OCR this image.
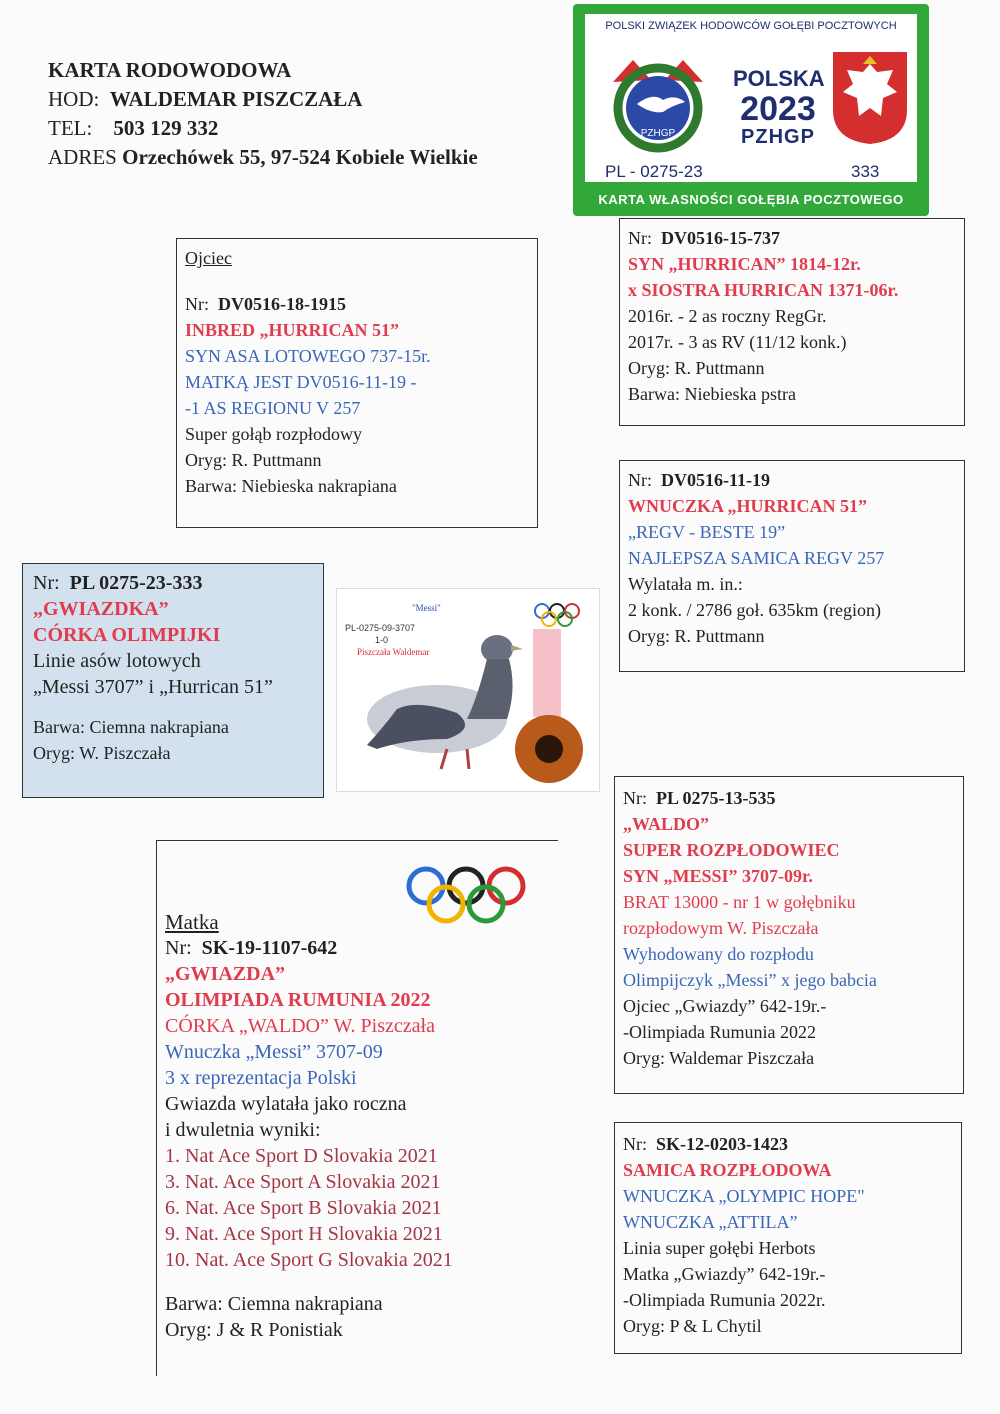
KARTA RODOWODOWA
HOD: WALDEMAR PISZCZAŁA
TEL: 503 129 332
ADRES Orzechówek 55, 97-524 Kobiele Wielkie
POLSKI ZWIĄZEK HODOWCÓW GOŁĘBI POCZTOWYCH
PZHGP
POLSKA
2023
PZHGP
PL - 0275-23	333
KARTA WŁASNOŚCI GOŁĘBIA POCZTOWEGO
Ojciec
Nr: DV0516-18-1915
INBRED „HURRICAN 51”
SYN ASA LOTOWEGO 737-15r.
MATKĄ JEST DV0516-11-19 -
-1 AS REGIONU V 257
Super gołąb rozpłodowy
Oryg: R. Puttmann
Barwa: Niebieska nakrapiana
Nr: DV0516-15-737
SYN „HURRICAN” 1814-12r.
x SIOSTRA HURRICAN 1371-06r.
2016r. - 2 as roczny RegGr.
2017r. - 3 as RV (11/12 konk.)
Oryg: R. Puttmann
Barwa: Niebieska pstra
Nr: DV0516-11-19
WNUCZKA „HURRICAN 51”
„REGV - BESTE 19”
NAJLEPSZA SAMICA REGV 257
Wylatała m. in.:
2 konk. / 2786 goł. 635km (region)
Oryg: R. Puttmann
Nr: PL 0275-23-333
„GWIAZDKA”
CÓRKA OLIMPIJKI
Linie asów lotowych
„Messi 3707” i „Hurrican 51”
Barwa: Ciemna nakrapiana
Oryg: W. Piszczała
"Messi"
PL-0275-09-3707
1-0
Piszczała Waldemar
Nr: PL 0275-13-535
„WALDO”
SUPER ROZPŁODOWIEC
SYN „MESSI” 3707-09r.
BRAT 13000 - nr 1 w gołębniku
rozpłodowym W. Piszczała
Wyhodowany do rozpłodu
Olimpijczyk „Messi” x jego babcia
Ojciec „Gwiazdy” 642-19r.-
-Olimpiada Rumunia 2022
Oryg: Waldemar Piszczała
Nr: SK-12-0203-1423
SAMICA ROZPŁODOWA
WNUCZKA „OLYMPIC HOPE"
WNUCZKA „ATTILA”
Linia super gołębi Herbots
Matka „Gwiazdy” 642-19r.-
-Olimpiada Rumunia 2022r.
Oryg: P & L Chytil
Matka
Nr: SK-19-1107-642
„GWIAZDA”
OLIMPIADA RUMUNIA 2022
CÓRKA „WALDO” W. Piszczała
Wnuczka „Messi” 3707-09
3 x reprezentacja Polski
Gwiazda wylatała jako roczna
i dwuletnia wyniki:
1. Nat Ace Sport D Slovakia 2021
3. Nat. Ace Sport A Slovakia 2021
6. Nat. Ace Sport B Slovakia 2021
9. Nat. Ace Sport H Slovakia 2021
10. Nat. Ace Sport G Slovakia 2021
Barwa: Ciemna nakrapiana
Oryg: J & R Ponistiak
